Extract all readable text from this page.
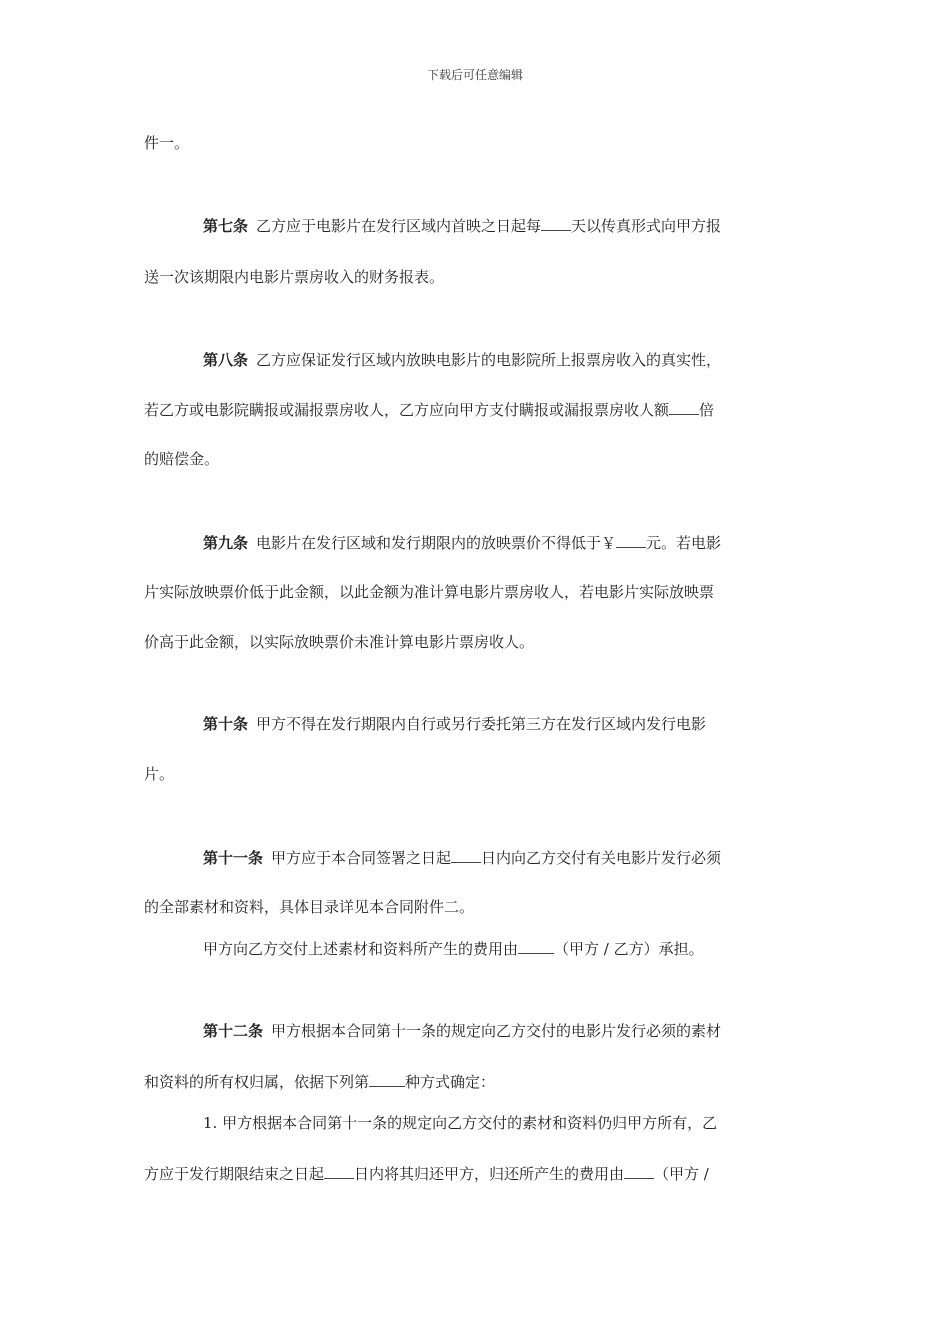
下载后可任意编辑
件一。
第七条 乙方应于电影片在发行区域内首映之日起每 天以传真形式向甲方报
送一次该期限内电影片票房收入的财务报表。
第八条 乙方应保证发行区域内放映电影片的电影院所上报票房收入的真实性，
若乙方或电影院瞒报或漏报票房收人，乙方应向甲方支付瞒报或漏报票房收人额 倍
的赔偿金。
第九条 电影片在发行区域和发行期限内的放映票价不得低于￥ 元。若电影
片实际放映票价低于此金额，以此金额为准计算电影片票房收人，若电影片实际放映票
价高于此金额，以实际放映票价未准计算电影片票房收人。
第十条 甲方不得在发行期限内自行或另行委托第三方在发行区域内发行电影
片。
第十一条 甲方应于本合同签署之日起 日内向乙方交付有关电影片发行必须
的全部素材和资料，具体目录详见本合同附件二。
甲方向乙方交付上述素材和资料所产生的费用由 （甲方 / 乙方）承担。
第十二条 甲方根据本合同第十一条的规定向乙方交付的电影片发行必须的素材
和资料的所有权归属，依据下列第 种方式确定：
1. 甲方根据本合同第十一条的规定向乙方交付的素材和资料仍归甲方所有，乙
方应于发行期限结束之日起 日内将其归还甲方，归还所产生的费用由 （甲方 /
